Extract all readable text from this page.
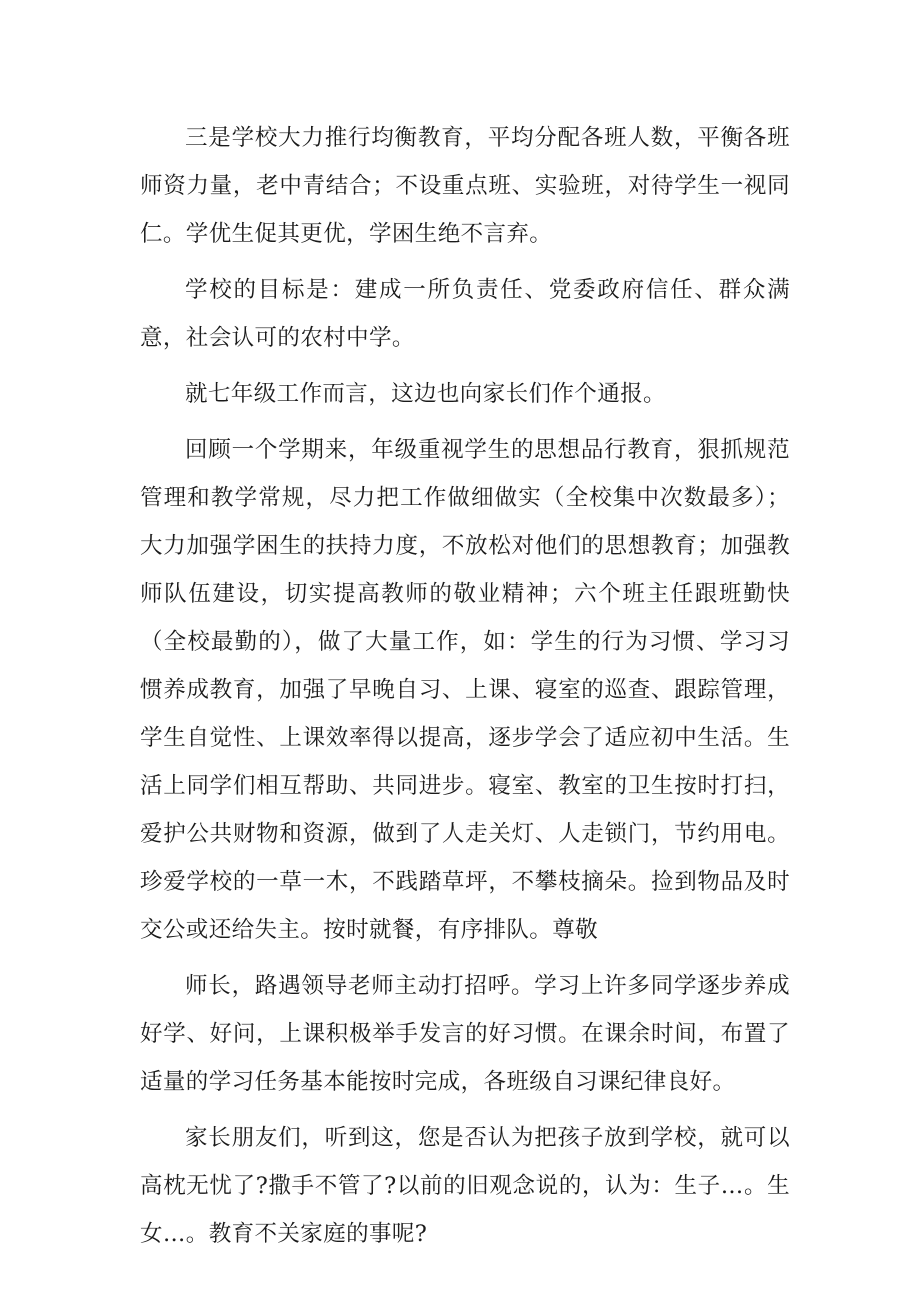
三是学校大力推行均衡教育，平均分配各班人数，平衡各班师资力量，老中青结合；不设重点班、实验班，对待学生一视同仁。学优生促其更优，学困生绝不言弃。

学校的目标是：建成一所负责任、党委政府信任、群众满意，社会认可的农村中学。

就七年级工作而言，这边也向家长们作个通报。

回顾一个学期来，年级重视学生的思想品行教育，狠抓规范管理和教学常规，尽力把工作做细做实（全校集中次数最多）；大力加强学困生的扶持力度，不放松对他们的思想教育；加强教师队伍建设，切实提高教师的敬业精神；六个班主任跟班勤快（全校最勤的），做了大量工作，如：学生的行为习惯、学习习惯养成教育，加强了早晚自习、上课、寝室的巡查、跟踪管理，学生自觉性、上课效率得以提高，逐步学会了适应初中生活。生活上同学们相互帮助、共同进步。寝室、教室的卫生按时打扫，爱护公共财物和资源，做到了人走关灯、人走锁门，节约用电。珍爱学校的一草一木，不践踏草坪，不攀枝摘朵。捡到物品及时交公或还给失主。按时就餐，有序排队。尊敬

师长，路遇领导老师主动打招呼。学习上许多同学逐步养成好学、好问，上课积极举手发言的好习惯。在课余时间，布置了适量的学习任务基本能按时完成，各班级自习课纪律良好。

家长朋友们，听到这，您是否认为把孩子放到学校，就可以高枕无忧了?撒手不管了?以前的旧观念说的，认为：生子…。生女…。教育不关家庭的事呢?
